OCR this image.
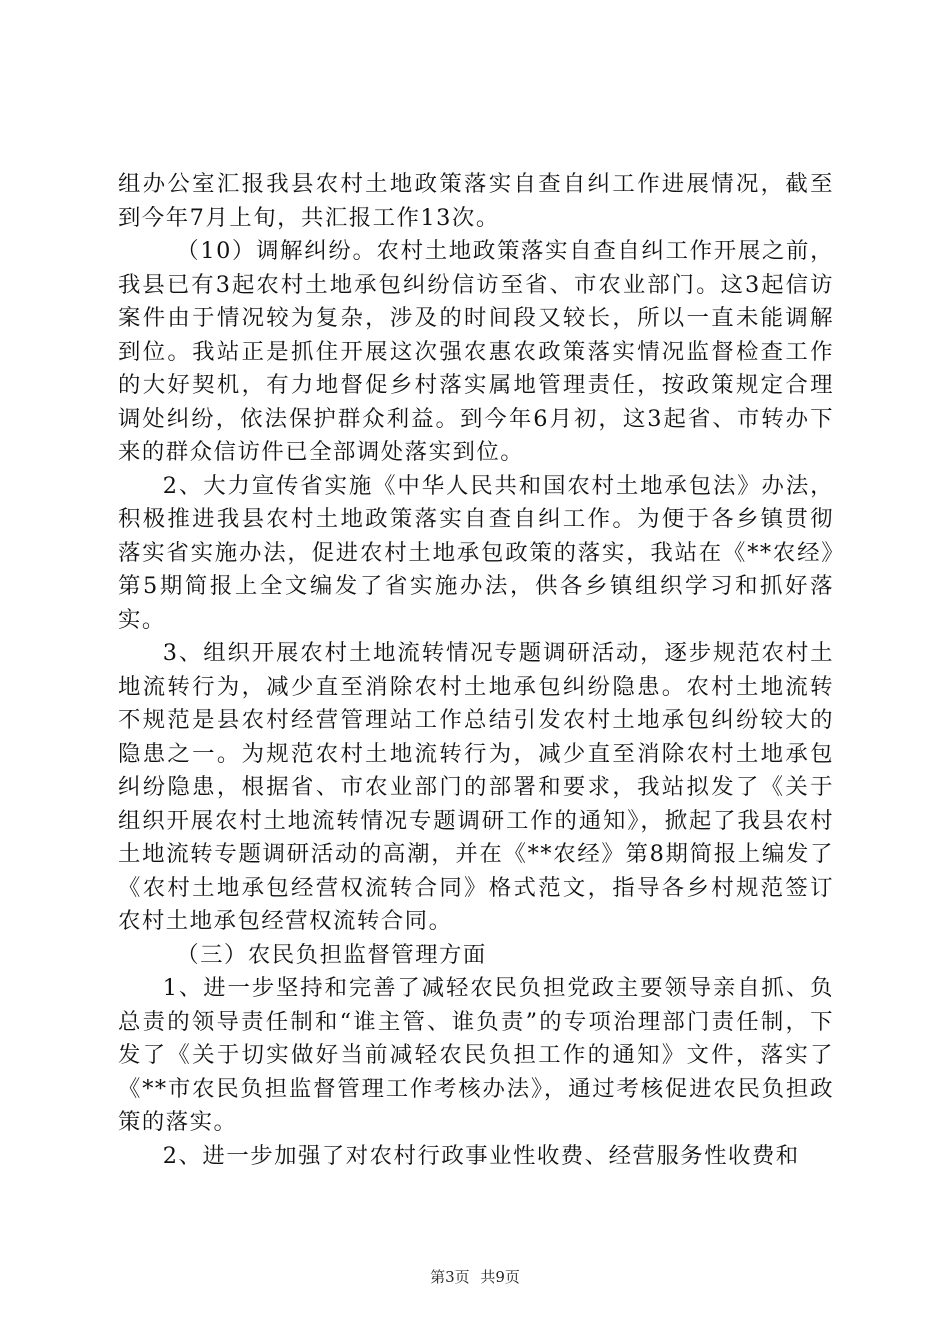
组办公室汇报我县农村土地政策落实自查自纠工作进展情况，截至到今年7月上旬，共汇报工作13次。

（10）调解纠纷。农村土地政策落实自查自纠工作开展之前，我县已有3起农村土地承包纠纷信访至省、市农业部门。这3起信访案件由于情况较为复杂，涉及的时间段又较长，所以一直未能调解到位。我站正是抓住开展这次强农惠农政策落实情况监督检查工作的大好契机，有力地督促乡村落实属地管理责任，按政策规定合理调处纠纷，依法保护群众利益。到今年6月初，这3起省、市转办下来的群众信访件已全部调处落实到位。

2、大力宣传省实施《中华人民共和国农村土地承包法》办法，积极推进我县农村土地政策落实自查自纠工作。为便于各乡镇贯彻落实省实施办法，促进农村土地承包政策的落实，我站在《**农经》第5期简报上全文编发了省实施办法，供各乡镇组织学习和抓好落实。

3、组织开展农村土地流转情况专题调研活动，逐步规范农村土地流转行为，减少直至消除农村土地承包纠纷隐患。农村土地流转不规范是县农村经营管理站工作总结引发农村土地承包纠纷较大的隐患之一。为规范农村土地流转行为，减少直至消除农村土地承包纠纷隐患，根据省、市农业部门的部署和要求，我站拟发了《关于组织开展农村土地流转情况专题调研工作的通知》，掀起了我县农村土地流转专题调研活动的高潮，并在《**农经》第8期简报上编发了《农村土地承包经营权流转合同》格式范文，指导各乡村规范签订农村土地承包经营权流转合同。

（三）农民负担监督管理方面

1、进一步坚持和完善了减轻农民负担党政主要领导亲自抓、负总责的领导责任制和“谁主管、谁负责”的专项治理部门责任制，下发了《关于切实做好当前减轻农民负担工作的通知》文件，落实了《**市农民负担监督管理工作考核办法》，通过考核促进农民负担政策的落实。

2、进一步加强了对农村行政事业性收费、经营服务性收费和

第3页 共9页
